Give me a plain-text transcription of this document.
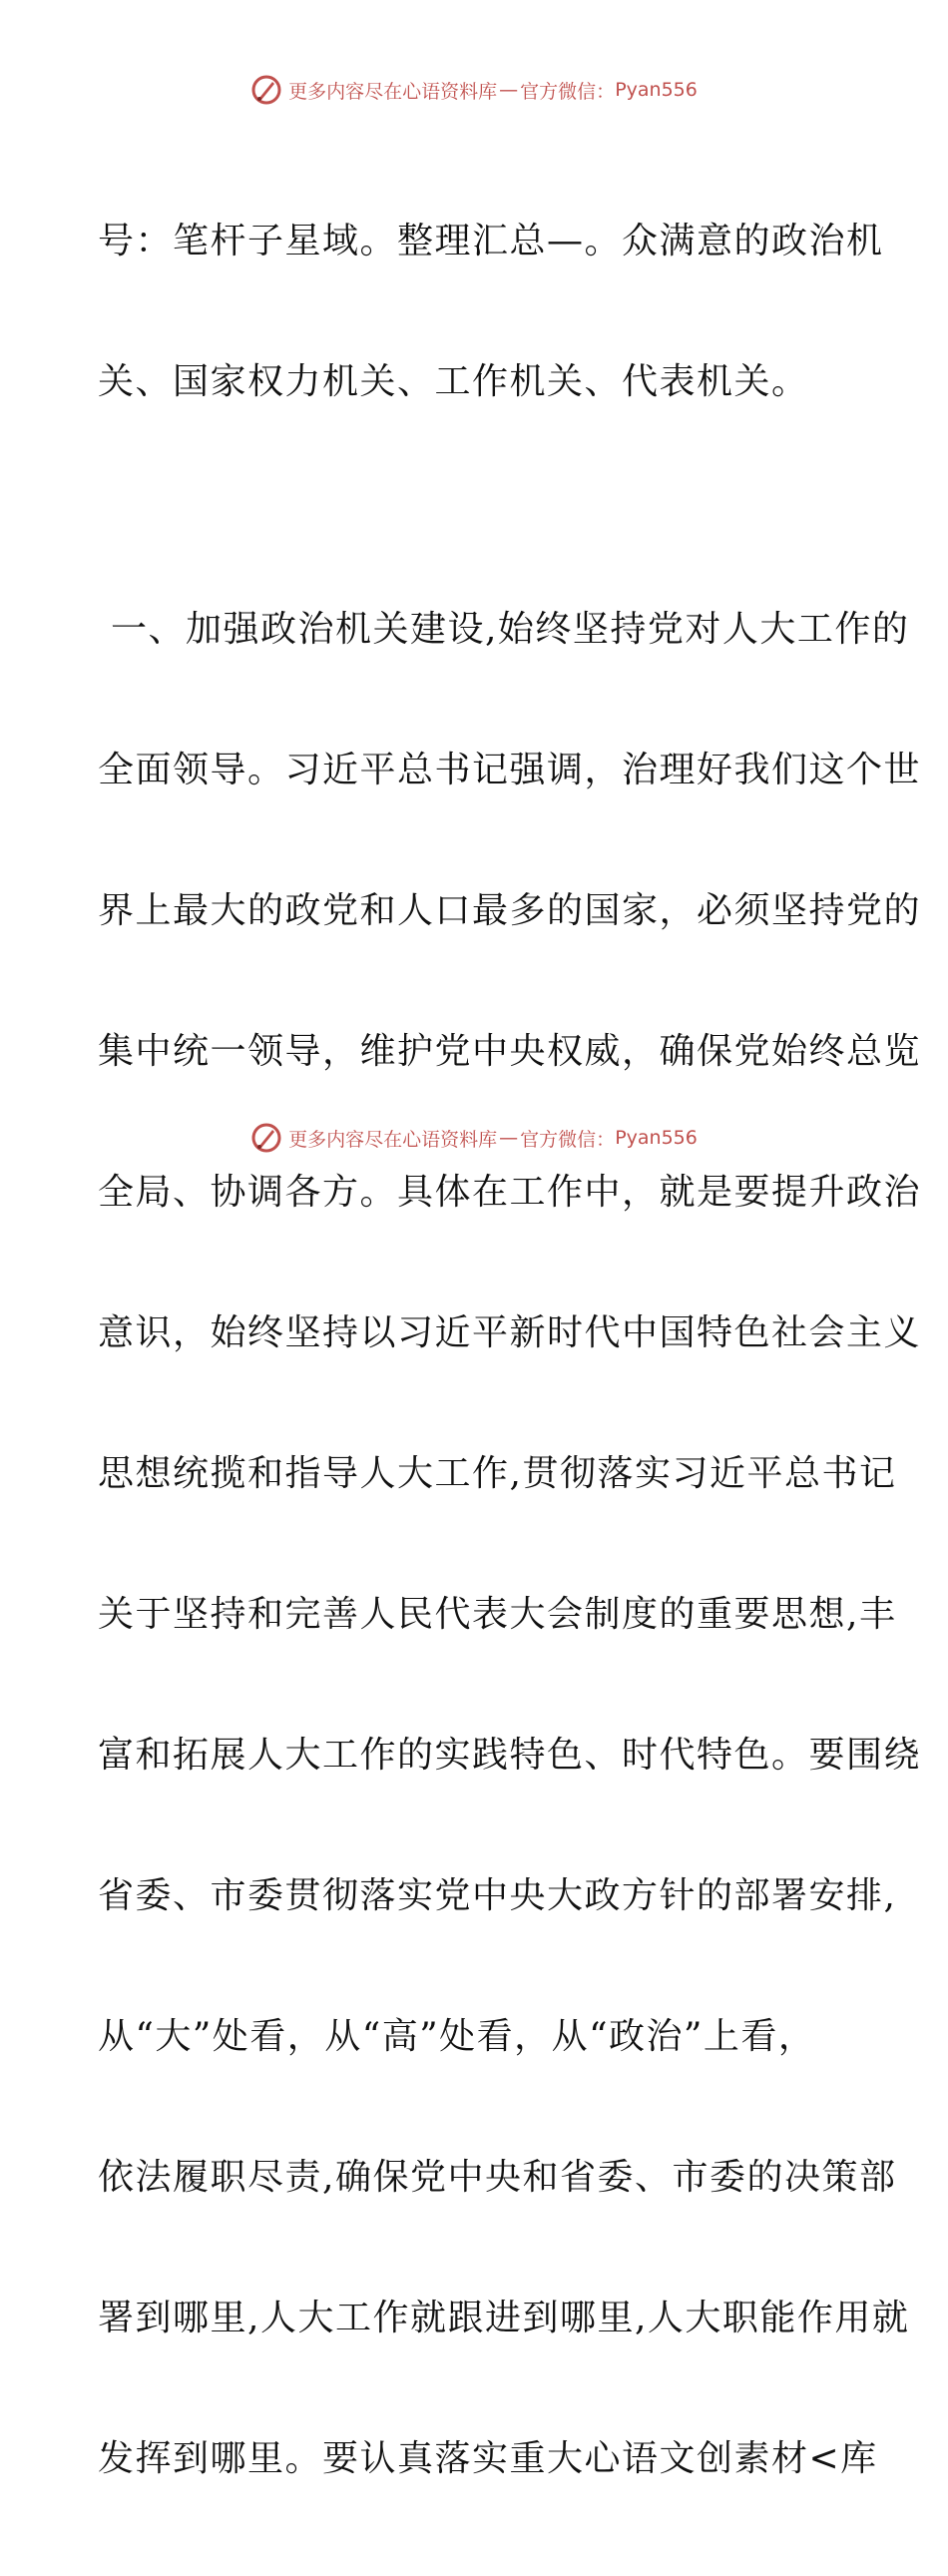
更多内容尽在心语资料库 — 官方微信： Pyan556

号：笔杆子星域。整理汇总—。众满意的政治机

关、国家权力机关、工作机关、代表机关。

一、加强政治机关建设,始终坚持党对人大工作的

全面领导。习近平总书记强调，治理好我们这个世

界上最大的政党和人口最多的国家，必须坚持党的

集中统一领导，维护党中央权威，确保党始终总览

全局、协调各方。具体在工作中，就是要提升政治

意识，始终坚持以习近平新时代中国特色社会主义

思想统揽和指导人大工作,贯彻落实习近平总书记

关于坚持和完善人民代表大会制度的重要思想,丰

富和拓展人大工作的实践特色、时代特色。要围绕

省委、市委贯彻落实党中央大政方针的部署安排,

从“大”处看，从“高”处看，从“政治”上看，

依法履职尽责,确保党中央和省委、市委的决策部

署到哪里,人大工作就跟进到哪里,人大职能作用就

发挥到哪里。要认真落实重大心语文创素材<库

更多内容尽在心语资料库 — 官方微信： Pyan556
